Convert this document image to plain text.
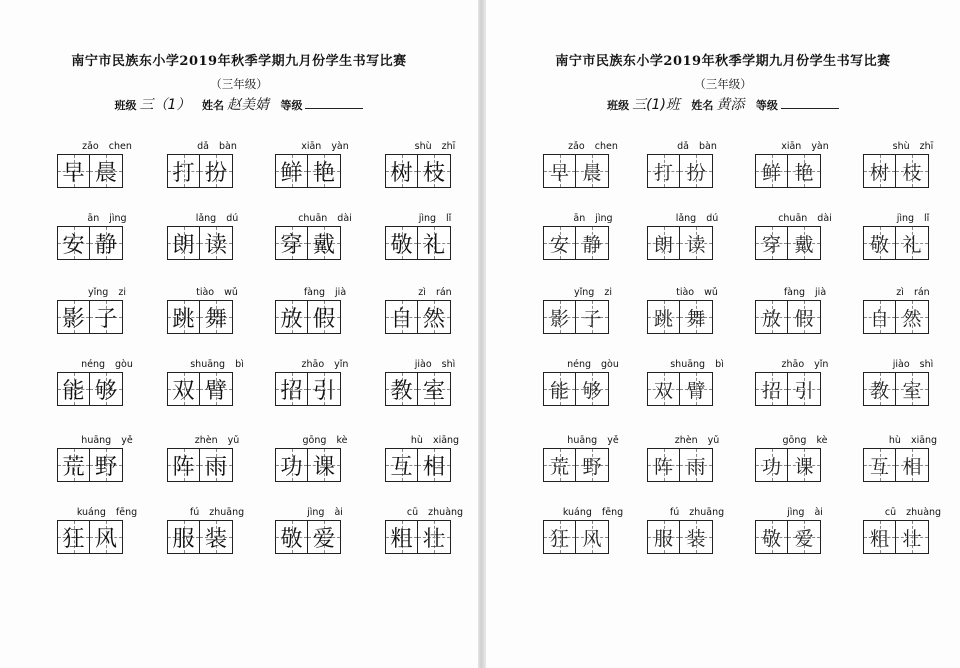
南宁市民族东小学2019年秋季学期九月份学生书写比赛
（三年级）
班级 三（1） 姓名 赵美婧 等级
zǎo chen
早 晨
dǎ bàn
打 扮
xiān yàn
鲜 艳
shù zhī
树 枝
ān jìng
安 静
lǎng dú
朗 读
chuān dài
穿 戴
jìng lǐ
敬 礼
yǐng zi
影 子
tiào wǔ
跳 舞
fàng jià
放 假
zì rán
自 然
néng gòu
能 够
shuāng bì
双 臂
zhāo yǐn
招 引
jiào shì
教 室
huāng yě
荒 野
zhèn yǔ
阵 雨
gōng kè
功 课
hù xiāng
互 相
kuáng fēng
狂 风
fú zhuāng
服 装
jìng ài
敬 爱
cū zhuàng
粗 壮
南宁市民族东小学2019年秋季学期九月份学生书写比赛
（三年级）
班级 三(1)班 姓名 黄添 等级
zǎo chen
早 晨
dǎ bàn
打 扮
xiān yàn
鲜 艳
shù zhī
树 枝
ān jìng
安 静
lǎng dú
朗 读
chuān dài
穿 戴
jìng lǐ
敬 礼
yǐng zi
影 子
tiào wǔ
跳 舞
fàng jià
放 假
zì rán
自 然
néng gòu
能 够
shuāng bì
双 臂
zhāo yǐn
招 引
jiào shì
教 室
huāng yě
荒 野
zhèn yǔ
阵 雨
gōng kè
功 课
hù xiāng
互 相
kuáng fēng
狂 风
fú zhuāng
服 装
jìng ài
敬 爱
cū zhuàng
粗 壮
